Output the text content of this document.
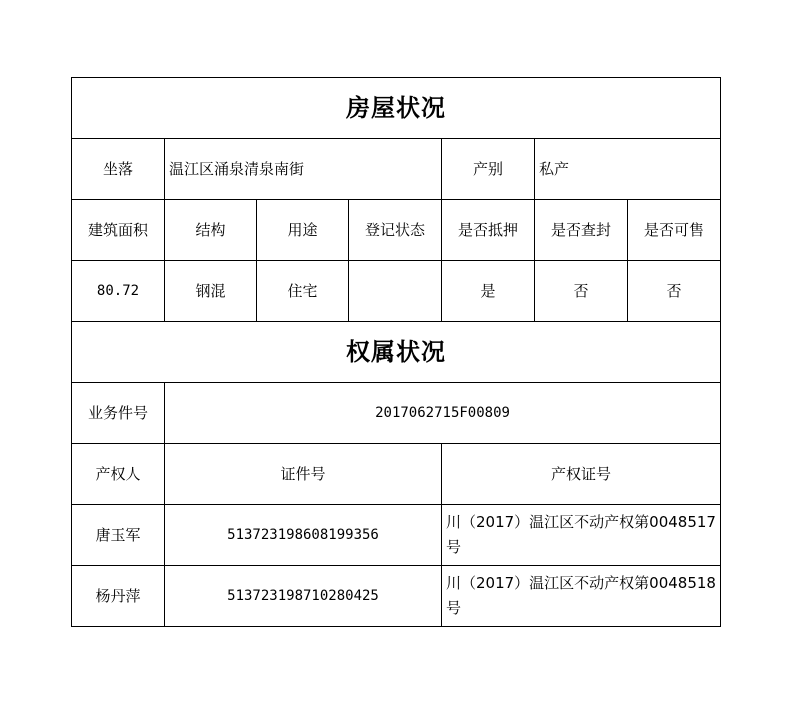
房屋状况						
坐落	温江区涌泉清泉南街			产别	私产	
建筑面积	结构	用途	登记状态	是否抵押	是否查封	是否可售
80.72	钢混	住宅		是	否	否
权属状况						
业务件号	2017062715F00809					
产权人	证件号			产权证号		
唐玉军	513723198608199356			川（2017）温江区不动产权第0048517号		
杨丹萍	513723198710280425			川（2017）温江区不动产权第0048518号		
